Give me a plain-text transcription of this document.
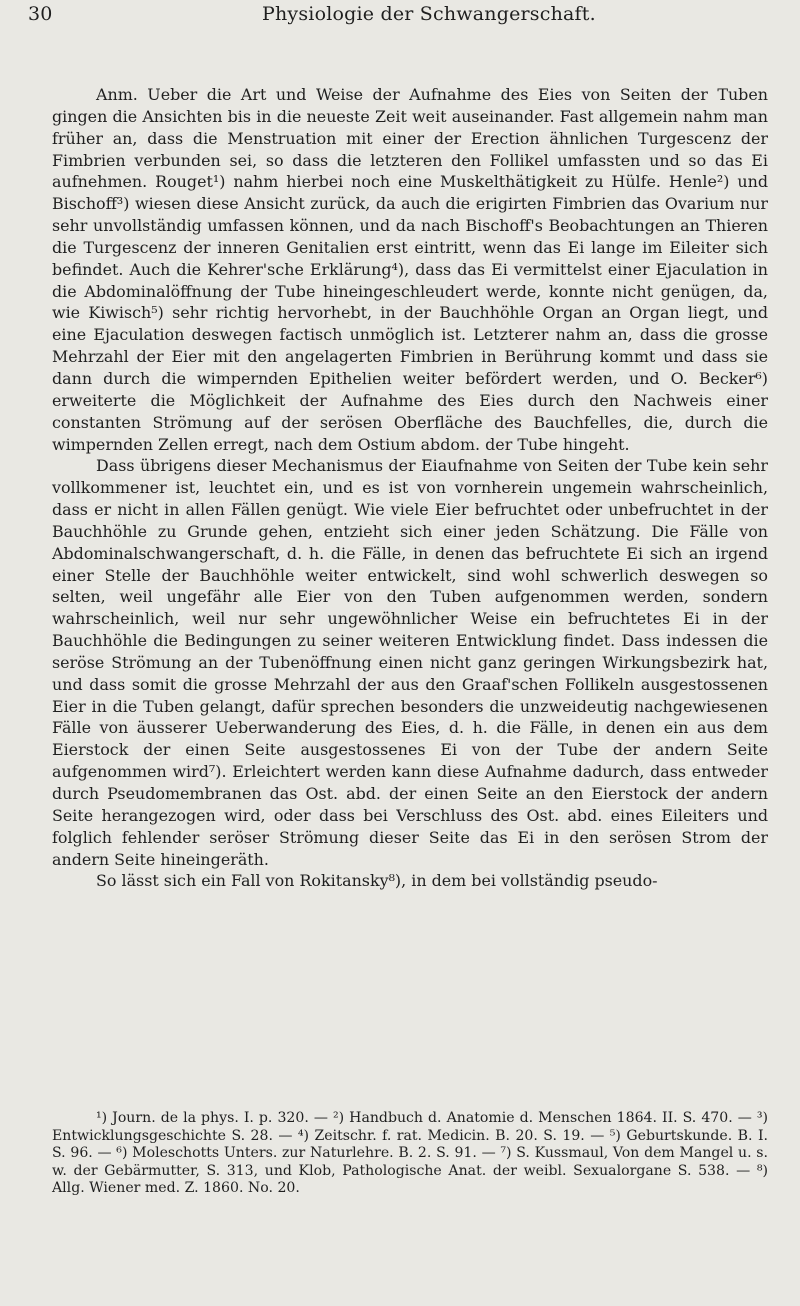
30	Physiologie der Schwangerschaft.

Anm. Ueber die Art und Weise der Aufnahme des Eies von Seiten der Tuben gingen die Ansichten bis in die neueste Zeit weit auseinander. Fast allgemein nahm man früher an, dass die Menstruation mit einer der Erection ähnlichen Turgescenz der Fimbrien verbunden sei, so dass die letzteren den Follikel umfassten und so das Ei aufnehmen. Rouget¹) nahm hierbei noch eine Muskelthätigkeit zu Hülfe. Henle²) und Bischoff³) wiesen diese Ansicht zurück, da auch die erigirten Fimbrien das Ovarium nur sehr unvollständig umfassen können, und da nach Bischoff's Beobachtungen an Thieren die Turgescenz der inneren Genitalien erst eintritt, wenn das Ei lange im Eileiter sich befindet. Auch die Kehrer'sche Erklärung⁴), dass das Ei vermittelst einer Ejaculation in die Abdominalöffnung der Tube hineingeschleudert werde, konnte nicht genügen, da, wie Kiwisch⁵) sehr richtig hervorhebt, in der Bauchhöhle Organ an Organ liegt, und eine Ejaculation deswegen factisch unmöglich ist. Letzterer nahm an, dass die grosse Mehrzahl der Eier mit den angelagerten Fimbrien in Berührung kommt und dass sie dann durch die wimpernden Epithelien weiter befördert werden, und O. Becker⁶) erweiterte die Möglichkeit der Aufnahme des Eies durch den Nachweis einer constanten Strömung auf der serösen Oberfläche des Bauchfelles, die, durch die wimpernden Zellen erregt, nach dem Ostium abdom. der Tube hingeht.

Dass übrigens dieser Mechanismus der Eiaufnahme von Seiten der Tube kein sehr vollkommener ist, leuchtet ein, und es ist von vornherein ungemein wahrscheinlich, dass er nicht in allen Fällen genügt. Wie viele Eier befruchtet oder unbefruchtet in der Bauchhöhle zu Grunde gehen, entzieht sich einer jeden Schätzung. Die Fälle von Abdominalschwangerschaft, d. h. die Fälle, in denen das befruchtete Ei sich an irgend einer Stelle der Bauchhöhle weiter entwickelt, sind wohl schwerlich deswegen so selten, weil ungefähr alle Eier von den Tuben aufgenommen werden, sondern wahrscheinlich, weil nur sehr ungewöhnlicher Weise ein befruchtetes Ei in der Bauchhöhle die Bedingungen zu seiner weiteren Entwicklung findet. Dass indessen die seröse Strömung an der Tubenöffnung einen nicht ganz geringen Wirkungsbezirk hat, und dass somit die grosse Mehrzahl der aus den Graaf'schen Follikeln ausgestossenen Eier in die Tuben gelangt, dafür sprechen besonders die unzweideutig nachgewiesenen Fälle von äusserer Ueberwanderung des Eies, d. h. die Fälle, in denen ein aus dem Eierstock der einen Seite ausgestossenes Ei von der Tube der andern Seite aufgenommen wird⁷). Erleichtert werden kann diese Aufnahme dadurch, dass entweder durch Pseudomembranen das Ost. abd. der einen Seite an den Eierstock der andern Seite herangezogen wird, oder dass bei Verschluss des Ost. abd. eines Eileiters und folglich fehlender seröser Strömung dieser Seite das Ei in den serösen Strom der andern Seite hineingeräth.

So lässt sich ein Fall von Rokitansky⁸), in dem bei vollständig pseudo-

¹) Journ. de la phys. I. p. 320. — ²) Handbuch d. Anatomie d. Menschen 1864. II. S. 470. — ³) Entwicklungsgeschichte S. 28. — ⁴) Zeitschr. f. rat. Medicin. B. 20. S. 19. — ⁵) Geburtskunde. B. I. S. 96. — ⁶) Moleschotts Unters. zur Naturlehre. B. 2. S. 91. — ⁷) S. Kussmaul, Von dem Mangel u. s. w. der Gebärmutter, S. 313, und Klob, Pathologische Anat. der weibl. Sexualorgane S. 538. — ⁸) Allg. Wiener med. Z. 1860. No. 20.
